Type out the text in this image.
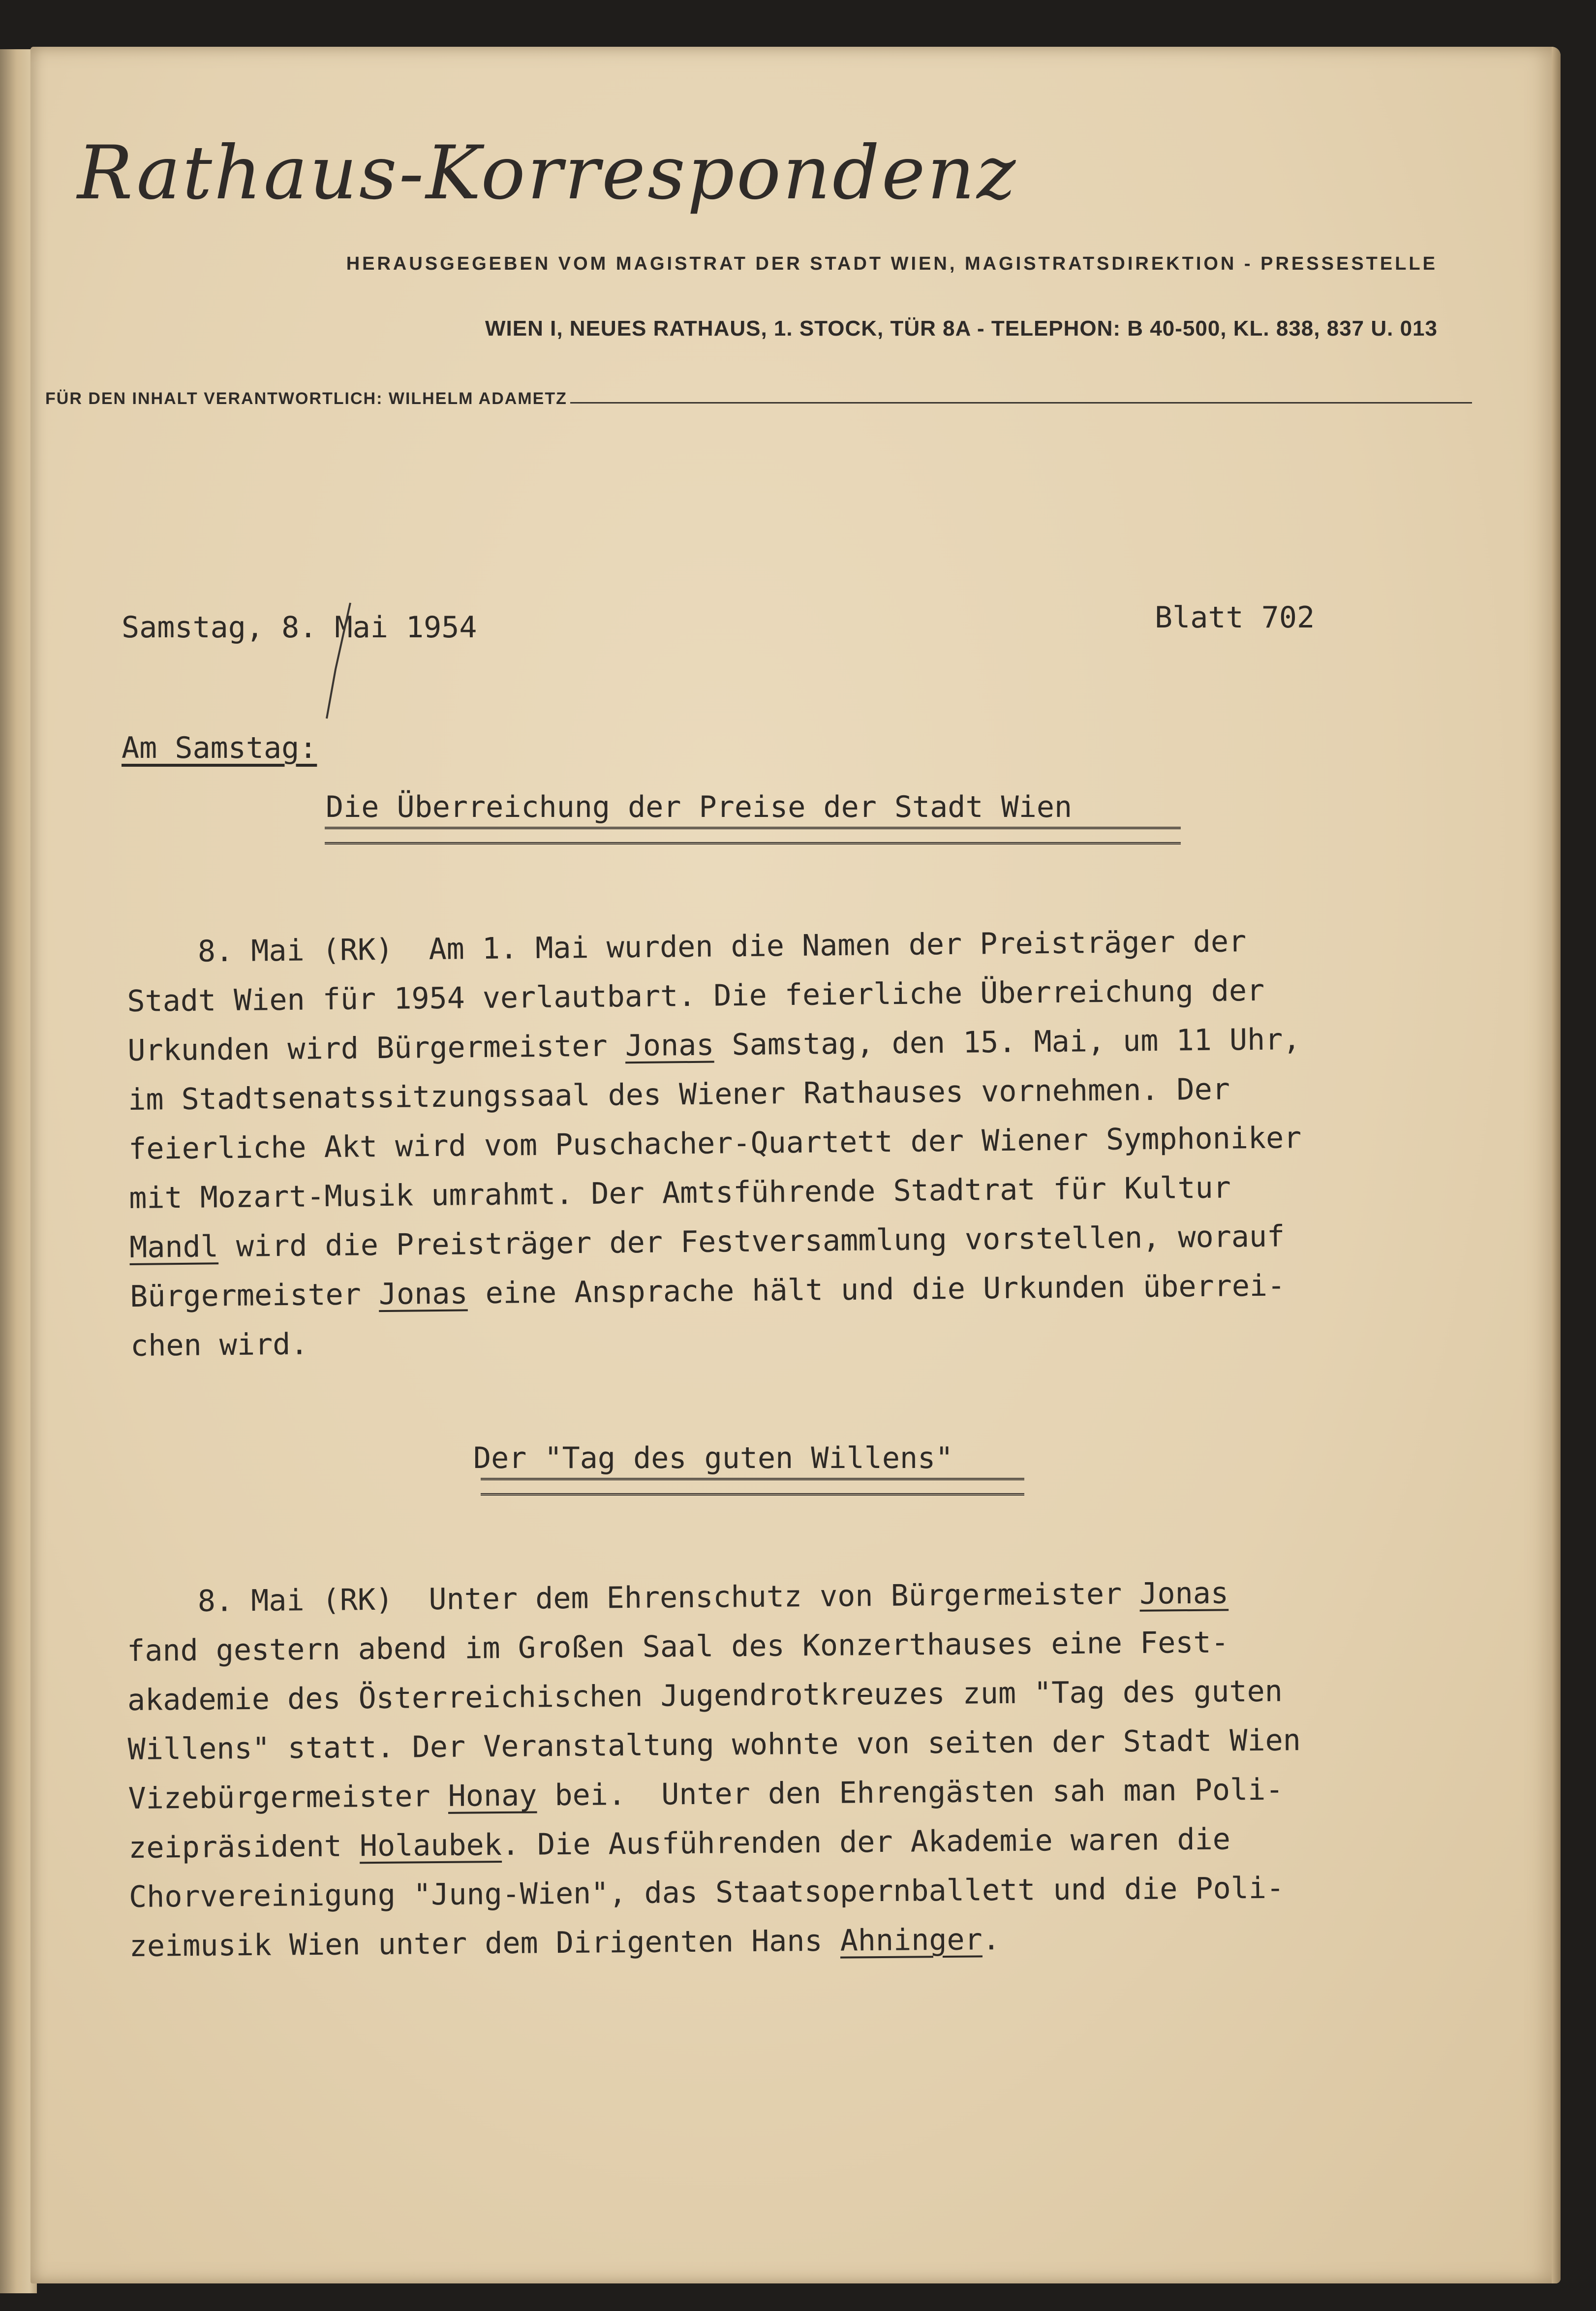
Rathaus-Korrespondenz
HERAUSGEGEBEN VOM MAGISTRAT DER STADT WIEN, MAGISTRATSDIREKTION - PRESSESTELLE
WIEN I, NEUES RATHAUS, 1. STOCK, TÜR 8A - TELEPHON: B 40-500, KL. 838, 837 U. 013
FÜR DEN INHALT VERANTWORTLICH: WILHELM ADAMETZ
Samstag, 8. Mai 1954	Blatt 702
Am Samstag:
Die Überreichung der Preise der Stadt Wien
8. Mai (RK)  Am 1. Mai wurden die Namen der Preisträger der
Stadt Wien für 1954 verlautbart. Die feierliche Überreichung der
Urkunden wird Bürgermeister Jonas Samstag, den 15. Mai, um 11 Uhr,
im Stadtsenatssitzungssaal des Wiener Rathauses vornehmen. Der
feierliche Akt wird vom Puschacher-Quartett der Wiener Symphoniker
mit Mozart-Musik umrahmt. Der Amtsführende Stadtrat für Kultur
Mandl wird die Preisträger der Festversammlung vorstellen, worauf
Bürgermeister Jonas eine Ansprache hält und die Urkunden überrei-
chen wird.
Der "Tag des guten Willens"
8. Mai (RK)  Unter dem Ehrenschutz von Bürgermeister Jonas
fand gestern abend im Großen Saal des Konzerthauses eine Fest-
akademie des Österreichischen Jugendrotkreuzes zum "Tag des guten
Willens" statt. Der Veranstaltung wohnte von seiten der Stadt Wien
Vizebürgermeister Honay bei.  Unter den Ehrengästen sah man Poli-
zeipräsident Holaubek. Die Ausführenden der Akademie waren die
Chorvereinigung "Jung-Wien", das Staatsopernballett und die Poli-
zeimusik Wien unter dem Dirigenten Hans Ahninger.
